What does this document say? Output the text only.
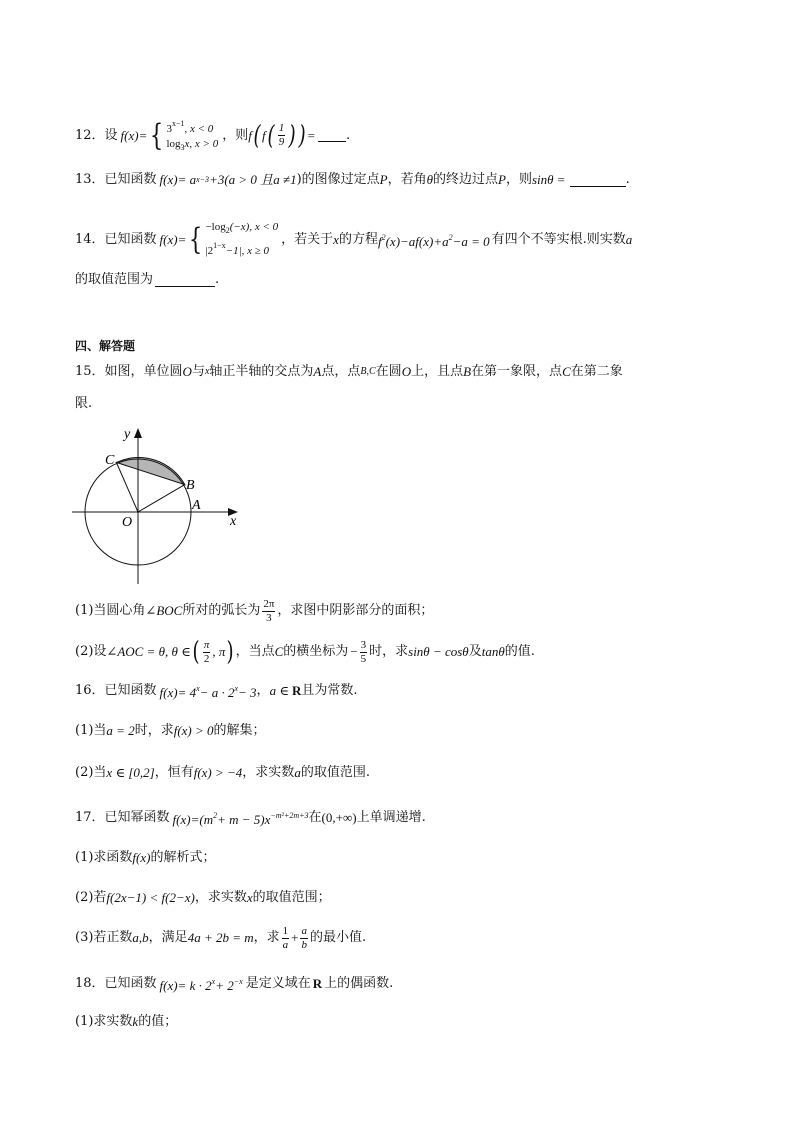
12．设 f(x)= { $3^{x-1}$, x < 0
$\log_3x$, x > 0
，则 f ( f ( $\frac{1}{9}$ ) ) = .
13．已知函数 f(x)= a x−3 +3(a > 0 且 a ≠1 )的图像过定点 P ，若角 θ 的终边过点 P ，则 sinθ =	.
14．已知函数 f(x)= { $-\log_2(-x)$, x < 0
$|2^{1-x}-1|$, x ≥ 0
，若关于 x 的方程 $f^2(x)-af(x)+a^2-a = 0$ 有四个不等实根.则实数 a
的取值范围为	.
四、解答题
15．如图，单位圆 O 与 x 轴正半轴的交点为 A 点，点 B,C 在圆 O 上，且点 B 在第一象限，点 C 在第二象
限.
y
x
O
A
B
C
(1)当圆心角 ∠BOC 所对的弧长为 $\frac{2\pi}{3}$ ，求图中阴影部分的面积；
(2)设 ∠AOC = θ, θ ∈ ( $\frac{\pi}{2}$ , π ) ，当点 C 的横坐标为 − $\frac{3}{5}$ 时，求 sinθ − cosθ 及 tanθ 的值.
16．已知函数 $f(x)= 4^x- a \cdot 2^x- 3$ ， a ∈ R 且为常数.
(1)当 a = 2 时，求 f(x) > 0 的解集；
(2)当 x ∈ [0,2] ，恒有 f(x) > −4 ，求实数 a 的取值范围.
17．已知幂函数 $f(x)=(m^2+ m - 5)x^{-m^2+2m+3}$ 在 (0,+∞) 上单调递增.
(1)求函数 f(x) 的解析式；
(2)若 f(2x−1) < f(2−x) ，求实数 x 的取值范围；
(3)若正数 a,b ，满足 4a + 2b = m ，求 $\frac{1}{a} + \frac{a}{b}$ 的最小值.
18．已知函数 $f(x)= k \cdot 2^x+ 2^{-x}$ 是定义域在 R 上的偶函数.
(1)求实数 k 的值；
